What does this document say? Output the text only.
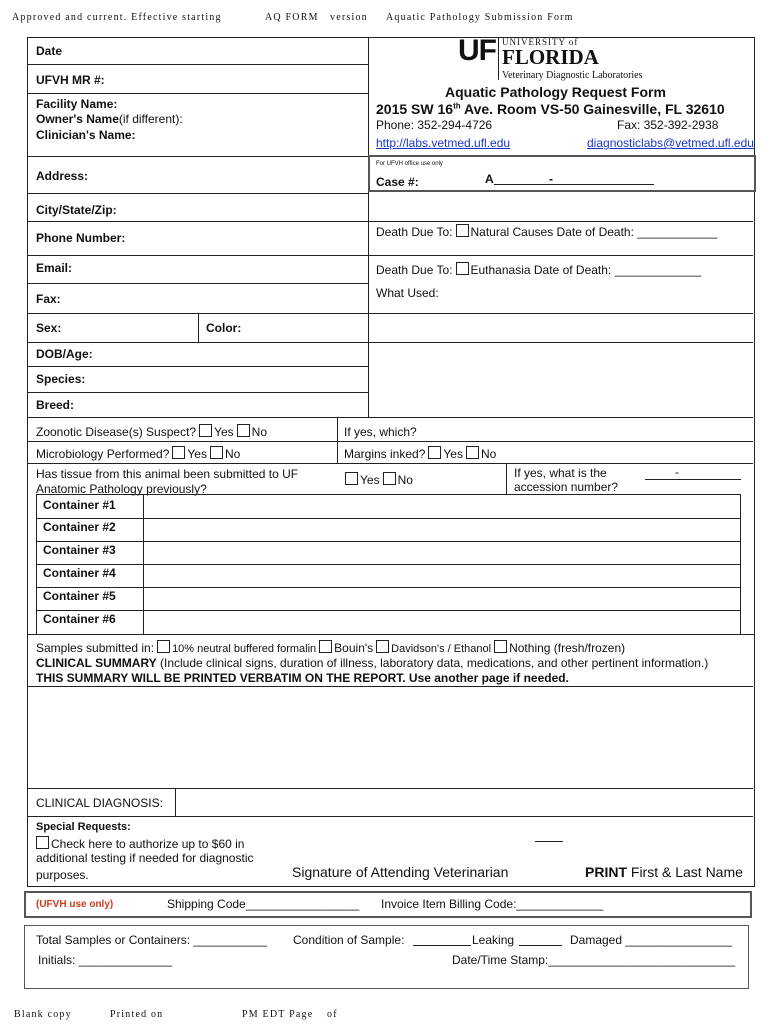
Approved and current. Effective starting	AQ FORM version Aquatic Pathology Submission Form
Date
UFVH MR #:
Facility Name:
Owner's Name(if different):
Clinician's Name:
Address:
City/State/Zip:
Phone Number:
Email:
Fax:
Sex:	Color:
DOB/Age:
Species:
Breed:
UF UNIVERSITY of
FLORIDA
Veterinary Diagnostic Laboratories
Aquatic Pathology Request Form
2015 SW 16th Ave. Room VS-50 Gainesville, FL 32610
Phone: 352-294-4726	Fax: 352-392-2938
http://labs.vetmed.ufl.edu	diagnosticlabs@vetmed.ufl.edu
For UFVH office use only
Case #:	A	-
Death Due To: Natural Causes Date of Death: ____________
Death Due To: Euthanasia Date of Death: _____________
What Used:
Zoonotic Disease(s) Suspect? Yes No	If yes, which?
Microbiology Performed? Yes No	Margins inked? Yes No
Has tissue from this animal been submitted to UF
Anatomic Pathology previously?
Yes No	If yes, what is the
accession number?
-
Container #1
Container #2
Container #3
Container #4
Container #5
Container #6
Samples submitted in: 10% neutral buffered formalin Bouin's Davidson's / Ethanol Nothing (fresh/frozen)
CLINICAL SUMMARY (Include clinical signs, duration of illness, laboratory data, medications, and other pertinent information.)
THIS SUMMARY WILL BE PRINTED VERBATIM ON THE REPORT. Use another page if needed.
CLINICAL DIAGNOSIS:
Special Requests:
Check here to authorize up to $60 in
additional testing if needed for diagnostic
purposes.	Signature of Attending Veterinarian	PRINT First & Last Name
(UFVH use only)	Shipping Code_________________ Invoice Item Billing Code:_____________
Total Samples or Containers: ___________ Condition of Sample:	Leaking	Damaged ________________
Initials: ______________	Date/Time Stamp:____________________________
Blank copy	Printed on	PM EDT Page of
